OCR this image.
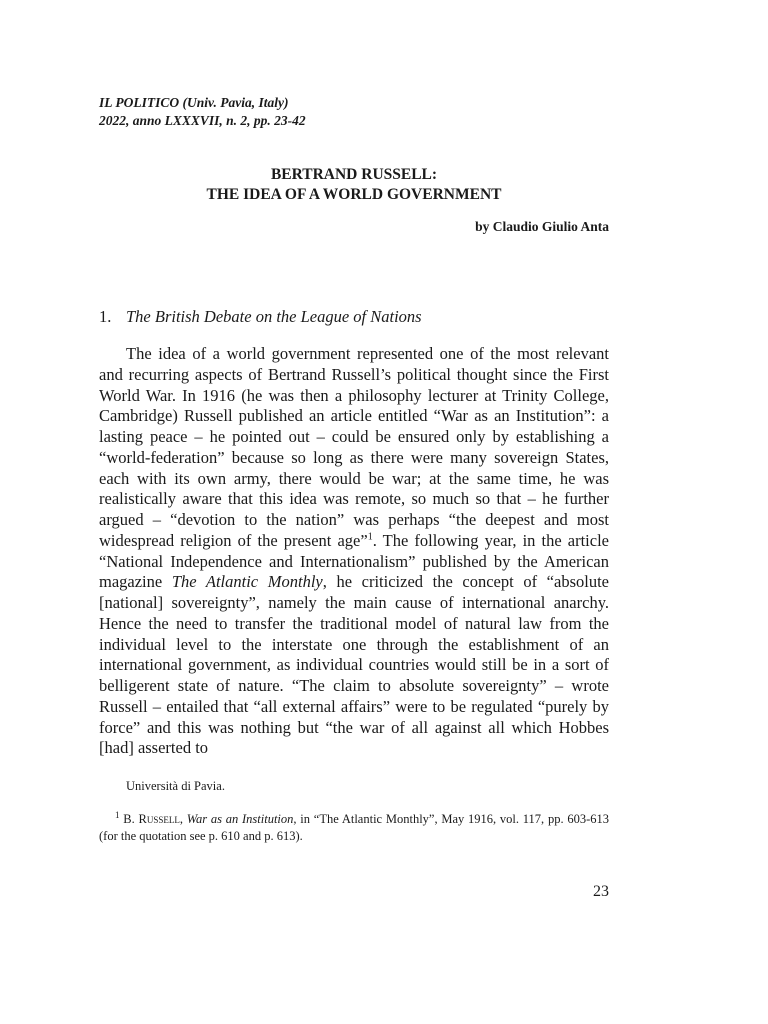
IL POLITICO (Univ. Pavia, Italy)
2022, anno LXXXVII, n. 2, pp. 23-42
BERTRAND RUSSELL:
THE IDEA OF A WORLD GOVERNMENT
by Claudio Giulio Anta
1. The British Debate on the League of Nations

The idea of a world government represented one of the most relevant and recurring aspects of Bertrand Russell’s political thought since the First World War. In 1916 (he was then a philosophy lecturer at Trinity College, Cambridge) Russell published an article entitled “War as an Institution”: a lasting peace – he pointed out – could be ensured only by establishing a “world-federation” because so long as there were many sovereign States, each with its own army, there would be war; at the same time, he was realistically aware that this idea was remote, so much so that – he further argued – “devotion to the nation” was perhaps “the deepest and most widespread religion of the present age”$^1$. The following year, in the article “National Independence and Internationalism” published by the American magazine The Atlantic Monthly, he criticized the concept of “absolute [national] sovereignty”, namely the main cause of international anarchy. Hence the need to transfer the traditional model of natural law from the individual level to the interstate one through the establishment of an international government, as individual countries would still be in a sort of belligerent state of nature. “The claim to absolute sovereignty” – wrote Russell – entailed that “all external affairs” were to be regulated “purely by force” and this was nothing but “the war of all against all which Hobbes [had] asserted to

Università di Pavia.
$^1$ B. Russell, War as an Institution, in “The Atlantic Monthly”, May 1916, vol. 117, pp. 603-613 (for the quotation see p. 610 and p. 613).
23
